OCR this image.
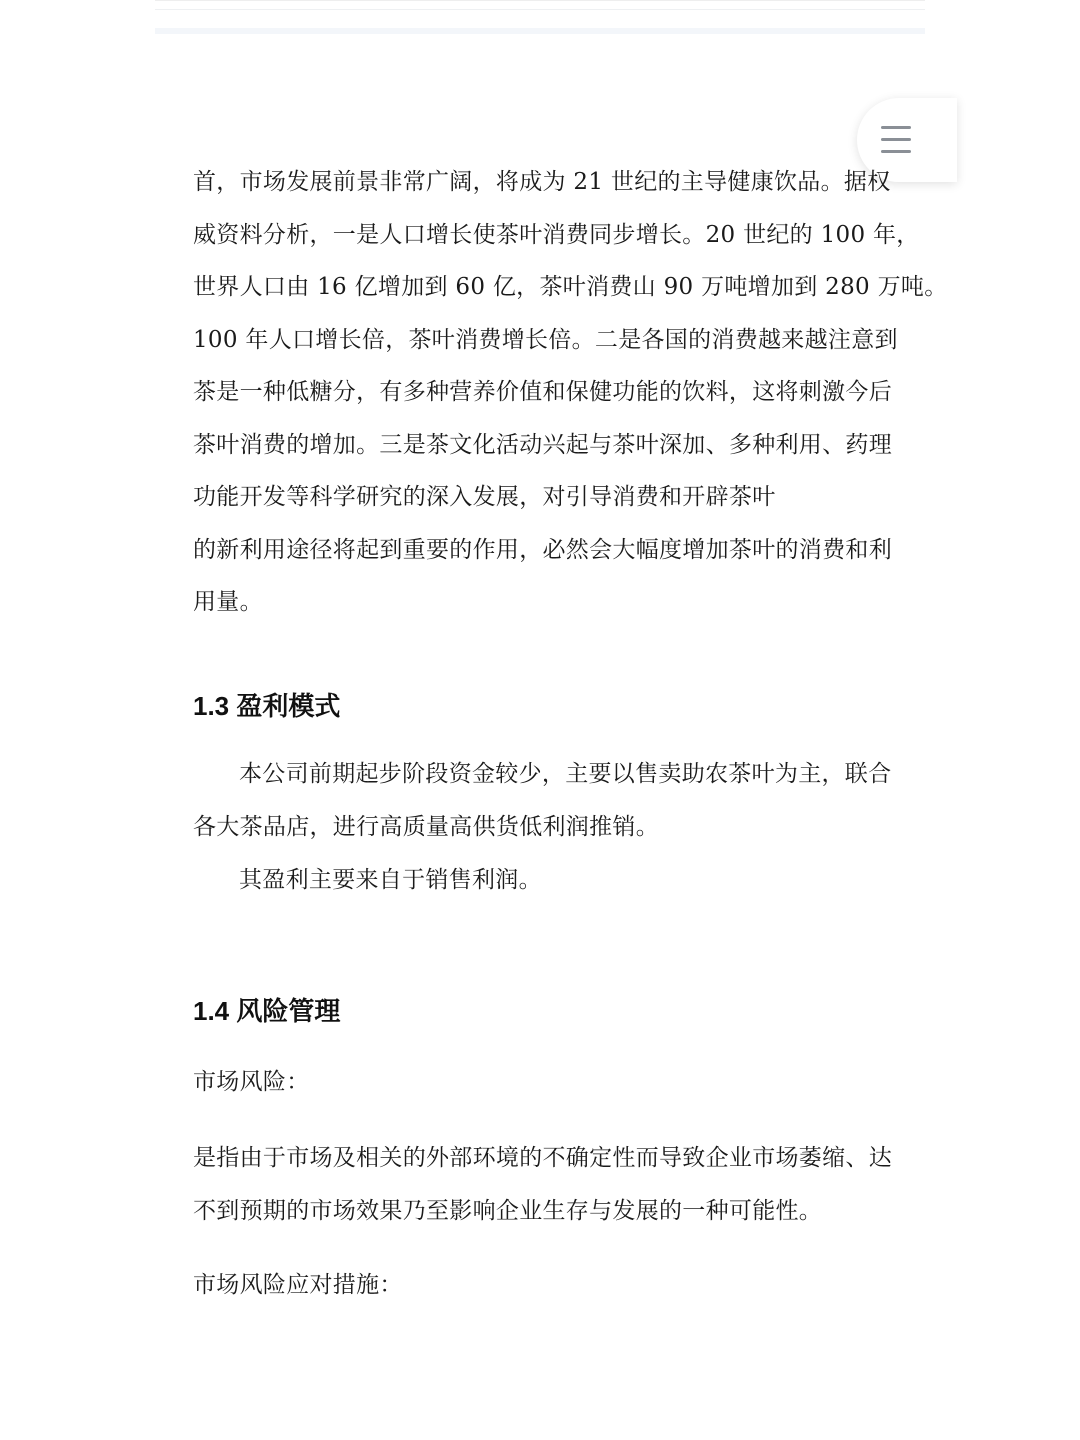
首，市场发展前景非常广阔，将成为 21 世纪的主导健康饮品。据权
威资料分析，一是人口增长使茶叶消费同步增长。20 世纪的 100 年，
世界人口由 16 亿增加到 60 亿，茶叶消费山 90 万吨增加到 280 万吨。
100 年人口增长倍，茶叶消费增长倍。二是各国的消费越来越注意到
茶是一种低糖分，有多种营养价值和保健功能的饮料，这将刺激今后
茶叶消费的增加。三是茶文化活动兴起与茶叶深加、多种利用、药理
功能开发等科学研究的深入发展，对引导消费和开辟茶叶
的新利用途径将起到重要的作用，必然会大幅度增加茶叶的消费和利
用量。
1.3 盈利模式
本公司前期起步阶段资金较少，主要以售卖助农茶叶为主，联合
各大茶品店，进行高质量高供货低利润推销。
其盈利主要来自于销售利润。
1.4 风险管理
市场风险：
是指由于市场及相关的外部环境的不确定性而导致企业市场萎缩、达
不到预期的市场效果乃至影响企业生存与发展的一种可能性。
市场风险应对措施：
